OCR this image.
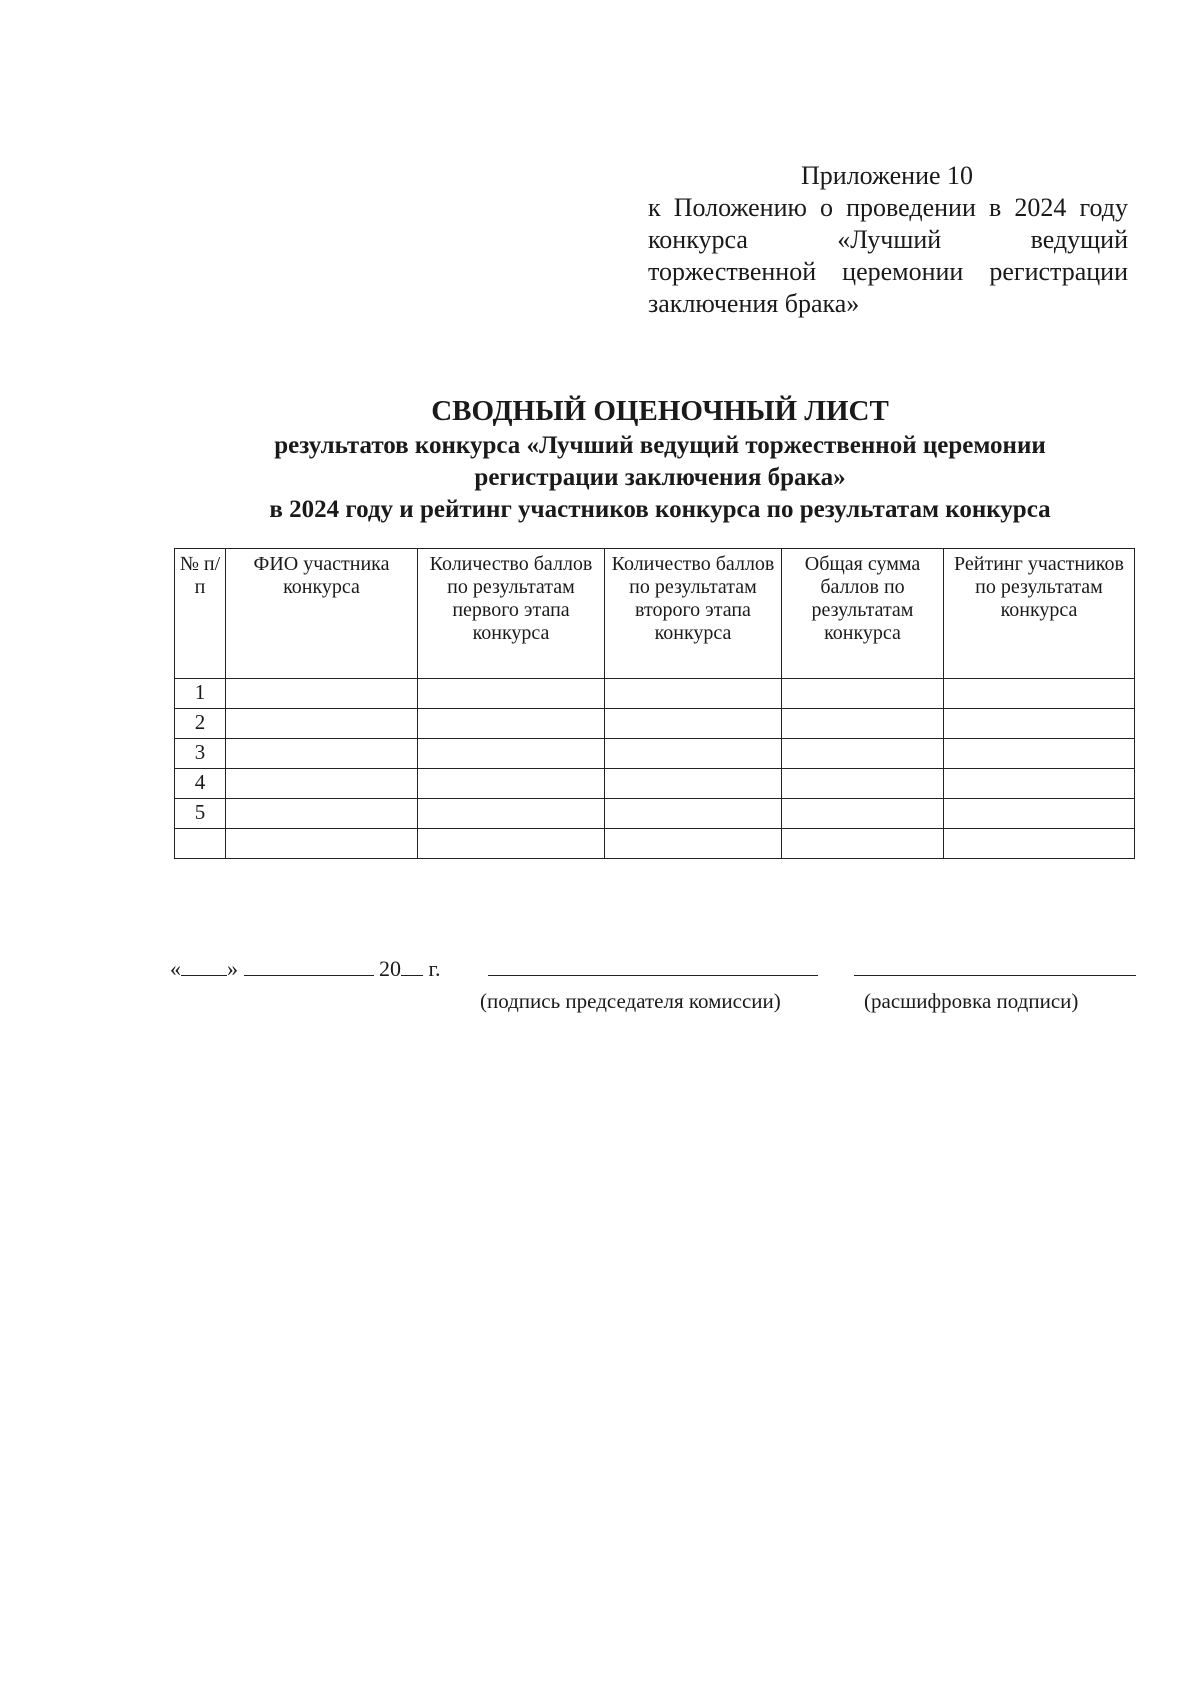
Приложение 10
к Положению о проведении в 2024 году
конкурса «Лучший ведущий
торжественной церемонии регистрации
заключения брака»
СВОДНЫЙ ОЦЕНОЧНЫЙ ЛИСТ
результатов конкурса «Лучший ведущий торжественной церемонии
регистрации заключения брака»
в 2024 году и рейтинг участников конкурса по результатам конкурса
№ п/п	ФИО участника конкурса	Количество баллов по результатам первого этапа конкурса	Количество баллов по результатам второго этапа конкурса	Общая сумма баллов по результатам конкурса	Рейтинг участников по результатам конкурса
1					
2					
3					
4					
5					

« »	20 г.
(подпись председателя комиссии)	(расшифровка подписи)
